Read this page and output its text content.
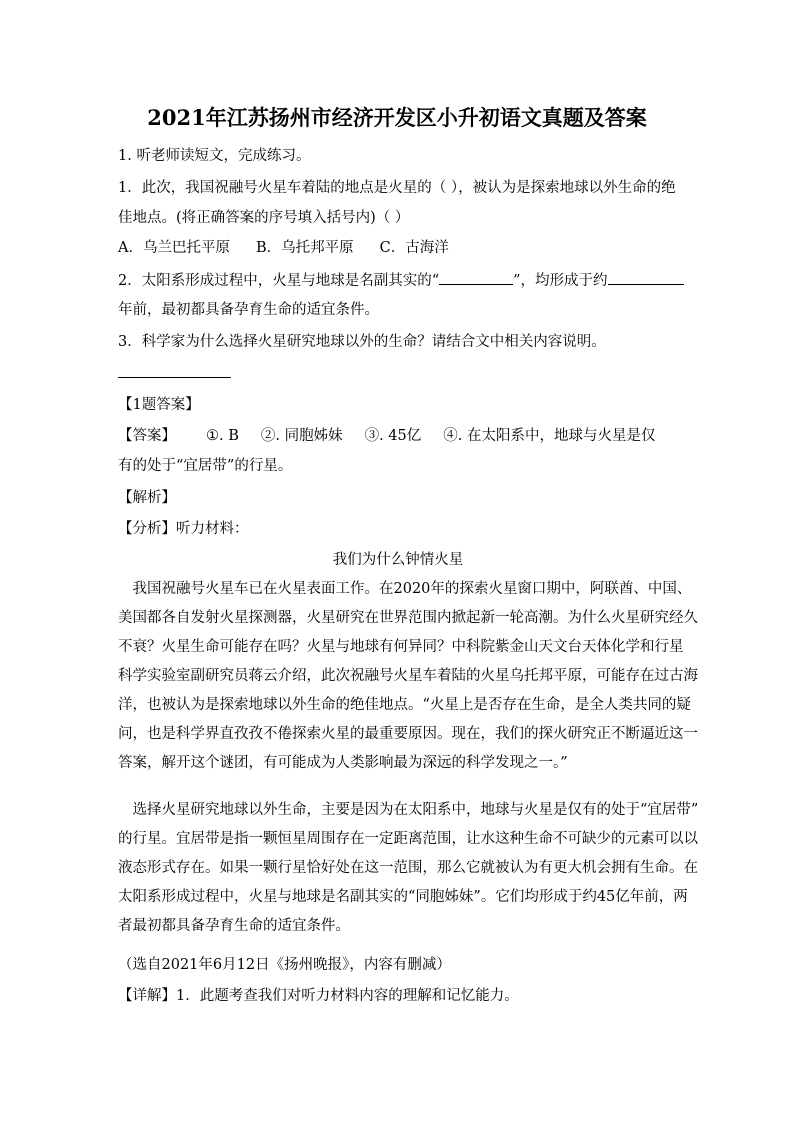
2021年江苏扬州市经济开发区小升初语文真题及答案
1. 听老师读短文，完成练习。
1．此次，我国祝融号火星车着陆的地点是火星的（ ），被认为是探索地球以外生命的绝
佳地点。(将正确答案的序号填入括号内)（ ）
A．乌兰巴托平原 B．乌托邦平原 C．古海洋
2．太阳系形成过程中，火星与地球是名副其实的“	”，均形成于约
年前，最初都具备孕育生命的适宜条件。
3．科学家为什么选择火星研究地球以外的生命？请结合文中相关内容说明。
【1题答案】
【答案】 ①. B ②. 同胞姊妹 ③. 45亿 ④. 在太阳系中，地球与火星是仅
有的处于“宜居带”的行星。
【解析】
【分析】听力材料：
我们为什么钟情火星
　我国祝融号火星车已在火星表面工作。在2020年的探索火星窗口期中，阿联酋、中国、
美国都各自发射火星探测器，火星研究在世界范围内掀起新一轮高潮。为什么火星研究经久
不衰？火星生命可能存在吗？火星与地球有何异同？中科院紫金山天文台天体化学和行星
科学实验室副研究员蒋云介绍，此次祝融号火星车着陆的火星乌托邦平原，可能存在过古海
洋，也被认为是探索地球以外生命的绝佳地点。“火星上是否存在生命，是全人类共同的疑
问，也是科学界直孜孜不倦探索火星的最重要原因。现在，我们的探火研究正不断逼近这一
答案，解开这个谜团，有可能成为人类影响最为深远的科学发现之一。”
　选择火星研究地球以外生命，主要是因为在太阳系中，地球与火星是仅有的处于“宜居带”
的行星。宜居带是指一颗恒星周围存在一定距离范围，让水这种生命不可缺少的元素可以以
液态形式存在。如果一颗行星恰好处在这一范围，那么它就被认为有更大机会拥有生命。在
太阳系形成过程中，火星与地球是名副其实的“同胞姊妹”。它们均形成于约45亿年前，两
者最初都具备孕育生命的适宜条件。
（选自2021年6月12日《扬州晚报》，内容有删减）
【详解】1．此题考查我们对听力材料内容的理解和记忆能力。
